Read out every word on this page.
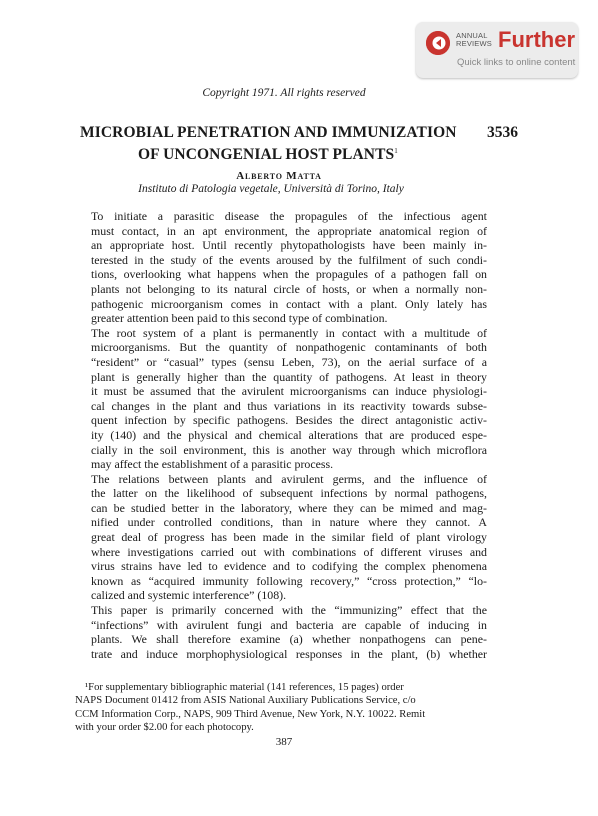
ANNUAL
REVIEWS Further
Quick links to online content
Copyright 1971. All rights reserved
MICROBIAL PENETRATION AND IMMUNIZATION
OF UNCONGENIAL HOST PLANTS$^1$
3536
Alberto Matta
Instituto di Patologia vegetale, Università di Torino, Italy

To initiate a parasitic disease the propagules of the infectious agent
must contact, in an apt environment, the appropriate anatomical region of
an appropriate host. Until recently phytopathologists have been mainly in-
terested in the study of the events aroused by the fulfilment of such condi-
tions, overlooking what happens when the propagules of a pathogen fall on
plants not belonging to its natural circle of hosts, or when a normally non-
pathogenic microorganism comes in contact with a plant. Only lately has
greater attention been paid to this second type of combination.

The root system of a plant is permanently in contact with a multitude of
microorganisms. But the quantity of nonpathogenic contaminants of both
“resident” or “casual” types (sensu Leben, 73), on the aerial surface of a
plant is generally higher than the quantity of pathogens. At least in theory
it must be assumed that the avirulent microorganisms can induce physiologi-
cal changes in the plant and thus variations in its reactivity towards subse-
quent infection by specific pathogens. Besides the direct antagonistic activ-
ity (140) and the physical and chemical alterations that are produced espe-
cially in the soil environment, this is another way through which microflora
may affect the establishment of a parasitic process.

The relations between plants and avirulent germs, and the influence of
the latter on the likelihood of subsequent infections by normal pathogens,
can be studied better in the laboratory, where they can be mimed and mag-
nified under controlled conditions, than in nature where they cannot. A
great deal of progress has been made in the similar field of plant virology
where investigations carried out with combinations of different viruses and
virus strains have led to evidence and to codifying the complex phenomena
known as “acquired immunity following recovery,” “cross protection,” “lo-
calized and systemic interference” (108).

This paper is primarily concerned with the “immunizing” effect that the
“infections” with avirulent fungi and bacteria are capable of inducing in
plants. We shall therefore examine (a) whether nonpathogens can pene-
trate and induce morphophysiological responses in the plant, (b) whether

¹For supplementary bibliographic material (141 references, 15 pages) order
NAPS Document 01412 from ASIS National Auxiliary Publications Service, c/o
CCM Information Corp., NAPS, 909 Third Avenue, New York, N.Y. 10022. Remit
with your order $2.00 for each photocopy.
387
